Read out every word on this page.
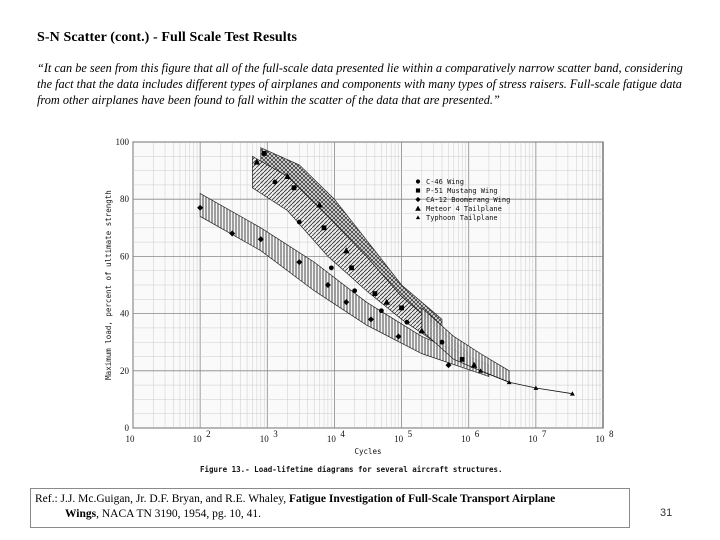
S-N Scatter (cont.) - Full Scale Test Results
“It can be seen from this figure that all of the full-scale data presented lie within a comparatively narrow scatter band, considering the fact that the data includes different types of airplanes and components with many types of stress raisers. Full-scale fatigue data from other airplanes have been found to fall within the scatter of the data that are presented.”
10	10 2	10 3	10 4	10 5	10 6	10 7	10 8
0
20
40
60
80
100
Cycles
Maximum load, percent of ultimate strength
C-46 Wing
P-51 Mustang Wing
CA-12 Boomerang Wing
Meteor 4 Tailplane
Typhoon Tailplane
Figure 13.- Load-lifetime diagrams for several aircraft structures.
Ref.: J.J. Mc.Guigan, Jr. D.F. Bryan, and R.E. Whaley, Fatigue Investigation of Full-Scale Transport Airplane
Wings, NACA TN 3190, 1954, pg. 10, 41.	31
